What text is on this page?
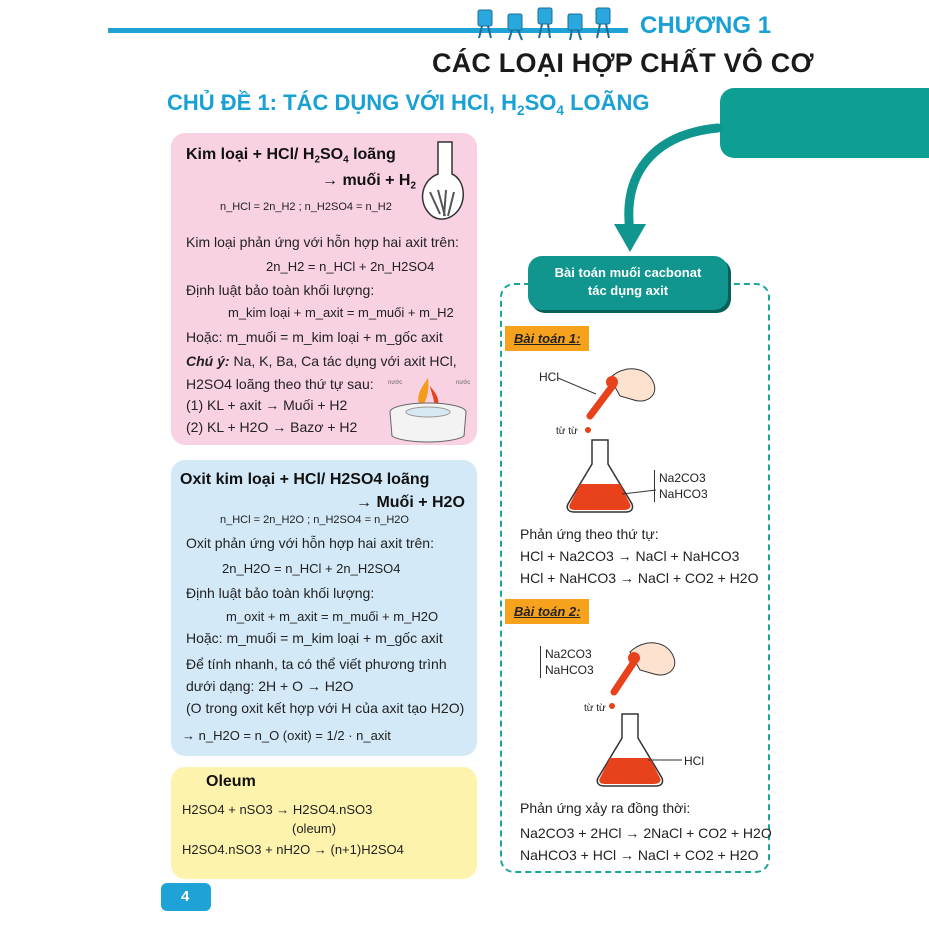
CHƯƠNG 1
CÁC LOẠI HỢP CHẤT VÔ CƠ
CHỦ ĐỀ 1: TÁC DỤNG VỚI HCl, $H_2SO_4$ LOÃNG
Kim loại + HCl/ $H_2SO_4$ loãng
→ muối + $H_2$
n_HCl = 2n_H2 ; n_H2SO4 = n_H2
Kim loại phản ứng với hỗn hợp hai axit trên:
2n_H2 = n_HCl + 2n_H2SO4
Định luật bảo toàn khối lượng:
m_kim loại + m_axit = m_muối + m_H2
Hoặc: m_muối = m_kim loại + m_gốc axit
Chú ý: Na, K, Ba, Ca tác dụng với axit HCl,
H2SO4 loãng theo thứ tự sau:
(1) KL + axit → Muối + H2
(2) KL + H2O → Bazơ + H2
nước	nước
Oxit kim loại + HCl/ H2SO4 loãng
→ Muối + H2O
n_HCl = 2n_H2O ; n_H2SO4 = n_H2O
Oxit phản ứng với hỗn hợp hai axit trên:
2n_H2O = n_HCl + 2n_H2SO4
Định luật bảo toàn khối lượng:
m_oxit + m_axit = m_muối + m_H2O
Hoặc: m_muối = m_kim loại + m_gốc axit
Để tính nhanh, ta có thể viết phương trình
dưới dạng: 2H + O → H2O
(O trong oxit kết hợp với H của axit tạo H2O)
→ n_H2O = n_O (oxit) = 1/2 · n_axit
Oleum
H2SO4 + nSO3 → H2SO4.nSO3
(oleum)
H2SO4.nSO3 + nH2O → (n+1)H2SO4
Bài toán muối cacbonat
tác dụng axit
Bài toán 1:
HCl
từ từ
Na2CO3
NaHCO3
Phản ứng theo thứ tự:
HCl + Na2CO3 → NaCl + NaHCO3
HCl + NaHCO3 → NaCl + CO2 + H2O
Bài toán 2:
Na2CO3
NaHCO3
từ từ
HCl
Phản ứng xảy ra đồng thời:
Na2CO3 + 2HCl → 2NaCl + CO2 + H2O
NaHCO3 + HCl → NaCl + CO2 + H2O
4
